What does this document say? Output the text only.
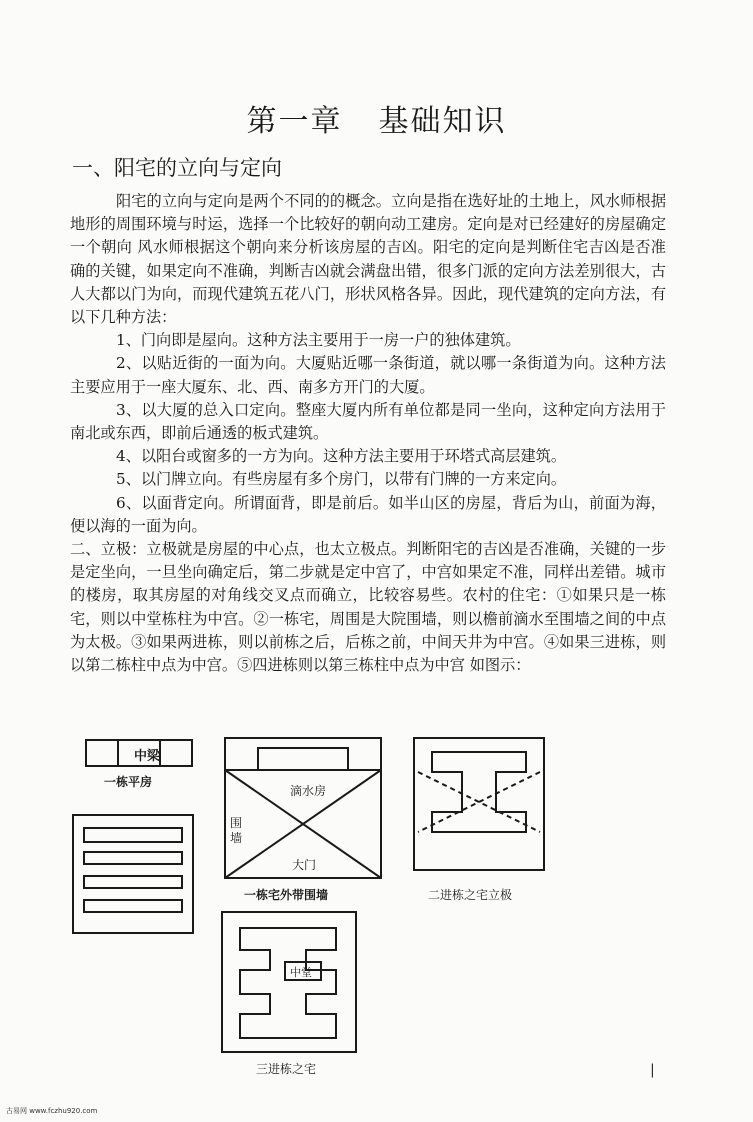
第一章 基础知识
一、阳宅的立向与定向

阳宅的立向与定向是两个不同的的概念。立向是指在选好址的土地上，风水师根据地形的周围环境与时运，选择一个比较好的朝向动工建房。定向是对已经建好的房屋确定一个朝向 风水师根据这个朝向来分析该房屋的吉凶。阳宅的定向是判断住宅吉凶是否准确的关键，如果定向不准确，判断吉凶就会满盘出错，很多门派的定向方法差别很大，古人大都以门为向，而现代建筑五花八门，形状风格各异。因此，现代建筑的定向方法，有以下几种方法：

1、门向即是屋向。这种方法主要用于一房一户的独体建筑。

2、以贴近街的一面为向。大厦贴近哪一条街道，就以哪一条街道为向。这种方法主要应用于一座大厦东、北、西、南多方开门的大厦。

3、以大厦的总入口定向。整座大厦内所有单位都是同一坐向，这种定向方法用于南北或东西，即前后通透的板式建筑。

4、以阳台或窗多的一方为向。这种方法主要用于环塔式高层建筑。

5、以门牌立向。有些房屋有多个房门，以带有门牌的一方来定向。

6、以面背定向。所谓面背，即是前后。如半山区的房屋，背后为山，前面为海，便以海的一面为向。

二、立极：立极就是房屋的中心点，也太立极点。判断阳宅的吉凶是否准确，关键的一步是定坐向，一旦坐向确定后，第二步就是定中宫了，中宫如果定不准，同样出差错。城市的楼房，取其房屋的对角线交叉点而确立，比较容易些。农村的住宅：①如果只是一栋宅，则以中堂栋柱为中宫。②一栋宅，周围是大院围墙，则以檐前滴水至围墙之间的中点为太极。③如果两进栋，则以前栋之后，后栋之前，中间天井为中宫。④如果三进栋，则以第二栋柱中点为中宫。⑤四进栋则以第三栋柱中点为中宫 如图示：

中梁
一栋平房
滴水房
围墙
大门
一栋宅外带围墙	二进栋之宅立极
中堂
三进栋之宅	|
古易网 www.fczhu920.com
